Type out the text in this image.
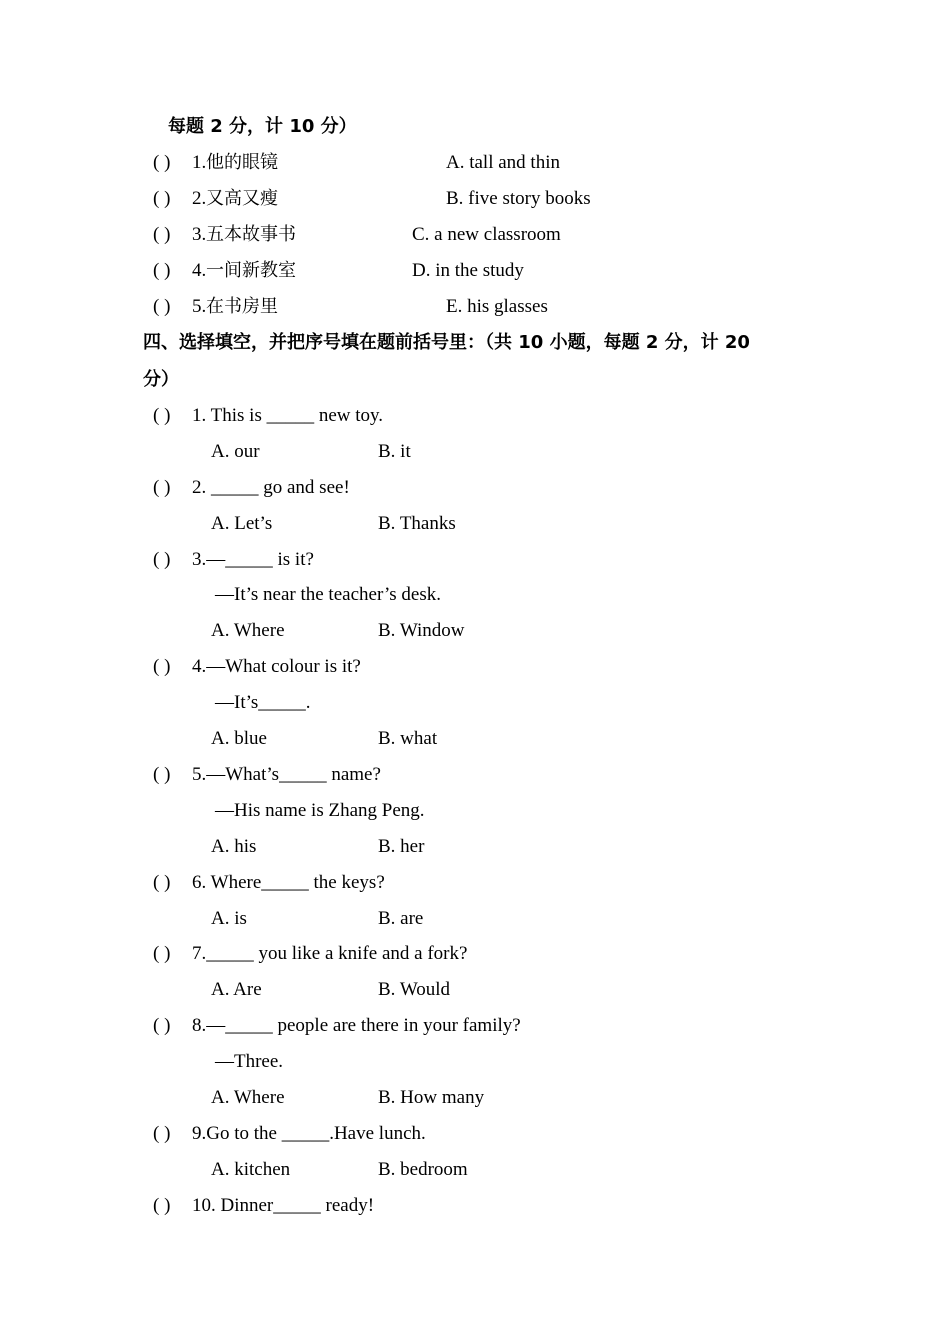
每题 2 分，计 10 分）
( ) 1. 他的眼镜	A. tall and thin
( ) 2. 又高又瘦	B. five story books
( ) 3. 五本故事书	C. a new classroom
( ) 4. 一间新教室	D. in the study
( ) 5. 在书房里	E. his glasses
四、选择填空，并把序号填在题前括号里：（共 10 小题，每题 2 分，计 20
分）
( ) 1. This is _____ new toy.
A. our	B. it
( ) 2. _____ go and see!
A. Let’s	B. Thanks
( ) 3.—_____ is it?
—It’s near the teacher’s desk.
A. Where	B. Window
( ) 4.—What colour is it?
—It’s_____.
A. blue	B. what
( ) 5.—What’s_____ name?
—His name is Zhang Peng.
A. his	B. her
( ) 6. Where_____ the keys?
A. is	B. are
( ) 7._____ you like a knife and a fork?
A. Are	B. Would
( ) 8.—_____ people are there in your family?
—Three.
A. Where	B. How many
( ) 9.Go to the _____.Have lunch.
A. kitchen	B. bedroom
( ) 10. Dinner_____ ready!
